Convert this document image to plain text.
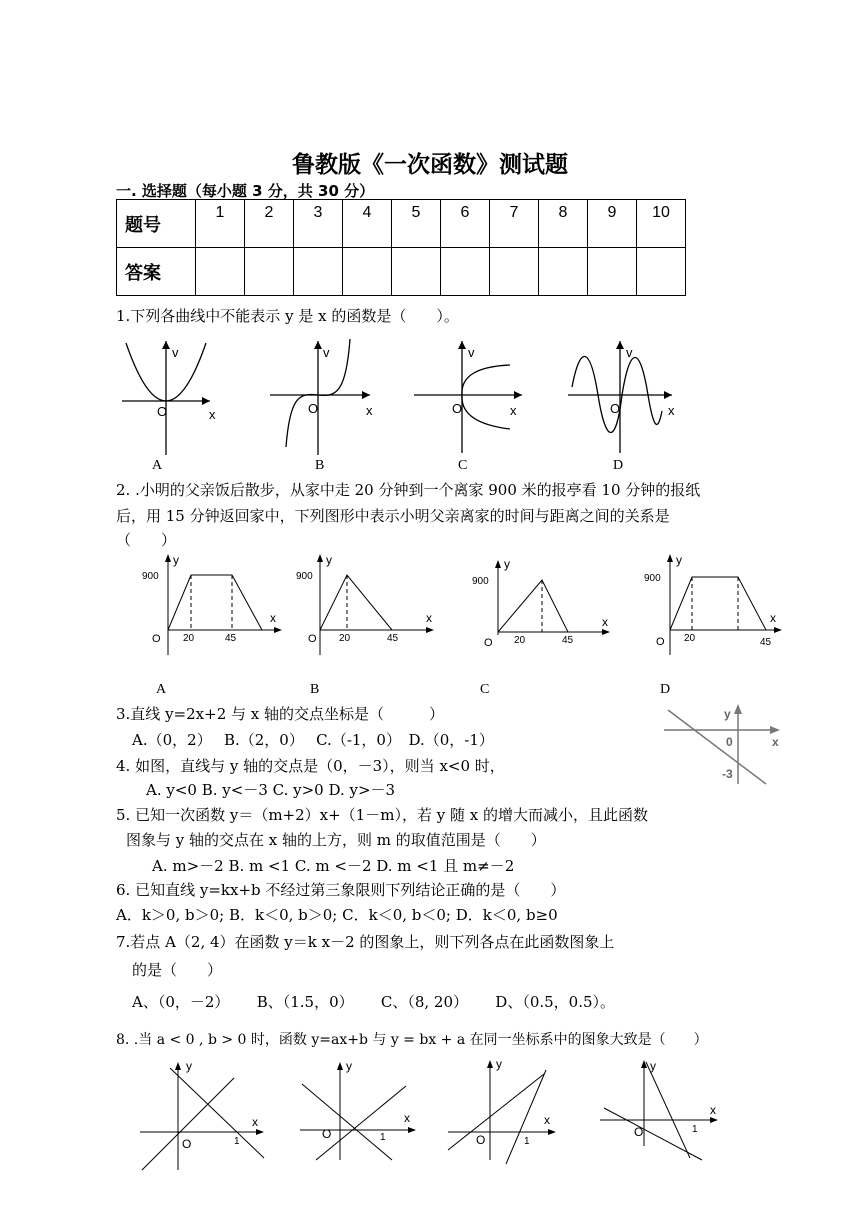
鲁教版《一次函数》测试题
一. 选择题（每小题 3 分，共 30 分）
题号	1	2	3	4	5	6	7	8	9	10
答案										
1.下列各曲线中不能表示 y 是 x 的函数是（　　）。
v
O	x
A
v
O	x
B
v
O	x
C
v
O	x
D
2. .小明的父亲饭后散步，从家中走 20 分钟到一个离家 900 米的报亭看 10 分钟的报纸
后，用 15 分钟返回家中，下列图形中表示小明父亲离家的时间与距离之间的关系是
（　　）
y
x
900
O 20	45
A
y
x
900
O 20	45
B
y
x
900
O 20	45
C
y
x
900
O 20	45
D
3.直线 y=2x+2 与 x 轴的交点坐标是（　　　）
A.（0，2）　 B.（2，0）　 C.（-1，0）　D.（0，-1）
y
0	x
-3
4. 如图，直线与 y 轴的交点是（0，－3），则当 x<0 时，
A. y<0 B. y<－3 C. y>0 D. y>－3
5. 已知一次函数 y＝（m+2）x+（1－m），若 y 随 x 的增大而减小，且此函数
图象与 y 轴的交点在 x 轴的上方，则 m 的取值范围是（　　）
A. m>－2 B. m <1 C. m <－2 D. m <1 且 m≠－2
6. 已知直线 y=kx+b 不经过第三象限则下列结论正确的是（　　）
A．k＞0, b＞0; B．k＜0, b＞0; C．k＜0, b＜0; D．k＜0, b≥0
7.若点 A（2, 4）在函数 y＝k x－2 的图象上，则下列各点在此函数图象上
的是（　　）
A、（0，－2）　　 B、（1.5，0）　　 C、（8, 20）　　 D、（0.5，0.5）。
8. .当 a < 0 , b > 0 时，函数 y=ax+b 与 y = bx + a 在同一坐标系中的图象大致是（　　）
y
x
O	1
y
x
O	1
y
x
O	1
y
x
O	1
